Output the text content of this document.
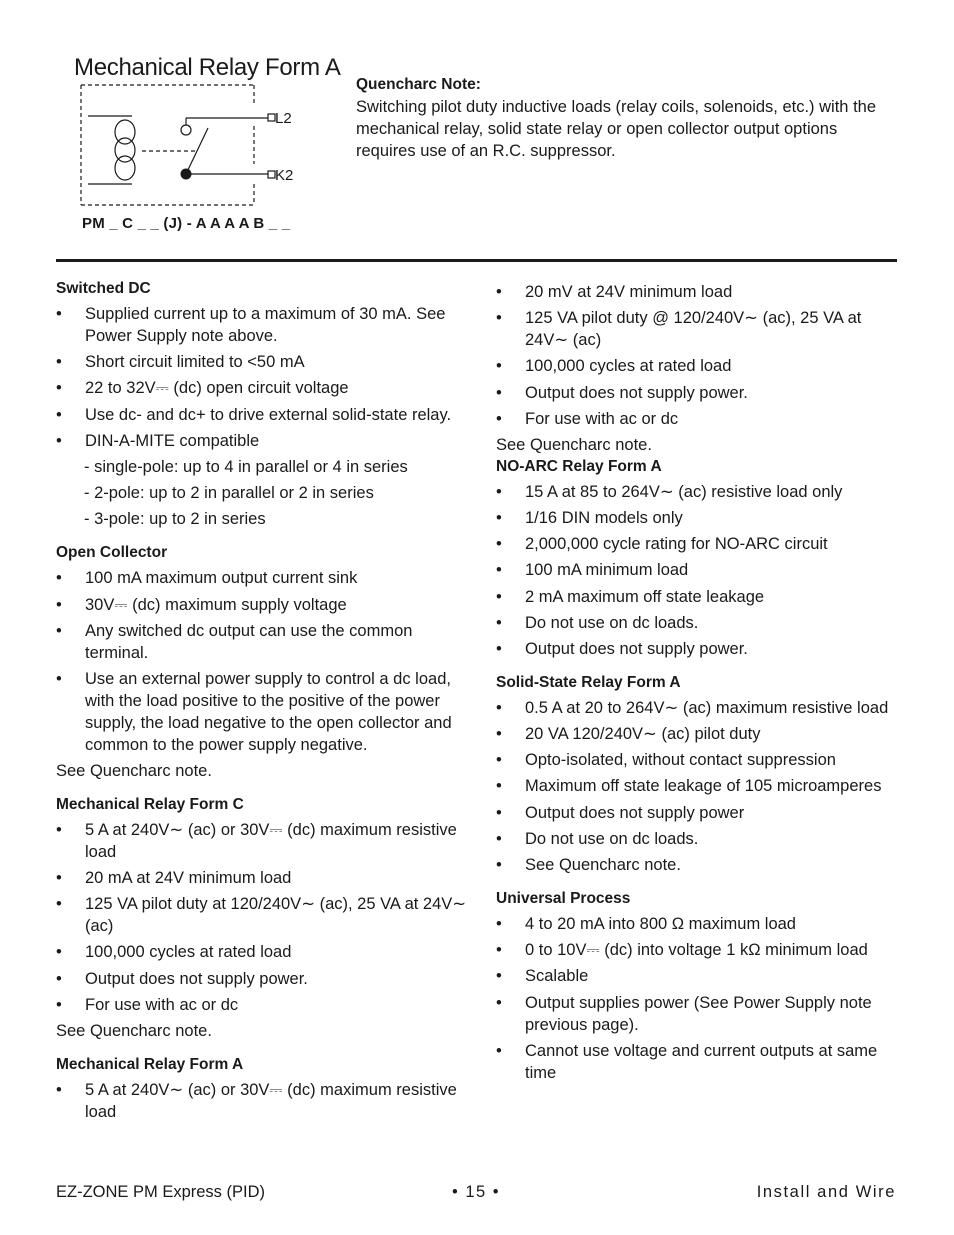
Mechanical Relay Form A
L2
K2
PM _ C _ _ (J) - A A A A B _ _
Quencharc Note:
Switching pilot duty inductive loads (relay coils, solenoids, etc.) with the mechanical relay, solid state relay or open collector output options requires use of an R.C. suppressor.
Switched DC
• Supplied current up to a maximum of 30 mA. See Power Supply note above.
• Short circuit limited to <50 mA
• 22 to 32V⎓ (dc) open circuit voltage
• Use dc- and dc+ to drive external solid-state relay.
• DIN-A-MITE compatible
- single-pole: up to 4 in parallel or 4 in series
- 2-pole: up to 2 in parallel or 2 in series
- 3-pole: up to 2 in series
Open Collector
• 100 mA maximum output current sink
• 30V⎓ (dc) maximum supply voltage
• Any switched dc output can use the common terminal.
• Use an external power supply to control a dc load, with the load positive to the positive of the power supply, the load negative to the open collector and common to the power supply negative.
See Quencharc note.
Mechanical Relay Form C
• 5 A at 240V∼ (ac) or 30V⎓ (dc) maximum resistive load
• 20 mA at 24V minimum load
• 125 VA pilot duty at 120/240V∼ (ac), 25 VA at 24V∼ (ac)
• 100,000 cycles at rated load
• Output does not supply power.
• For use with ac or dc
See Quencharc note.
Mechanical Relay Form A
• 5 A at 240V∼ (ac) or 30V⎓ (dc) maximum resistive load
• 20 mV at 24V minimum load
• 125 VA pilot duty @ 120/240V∼ (ac), 25 VA at 24V∼ (ac)
• 100,000 cycles at rated load
• Output does not supply power.
• For use with ac or dc
See Quencharc note.
NO-ARC Relay Form A
• 15 A at 85 to 264V∼ (ac) resistive load only
• 1/16 DIN models only
• 2,000,000 cycle rating for NO-ARC circuit
• 100 mA minimum load
• 2 mA maximum off state leakage
• Do not use on dc loads.
• Output does not supply power.
Solid-State Relay Form A
• 0.5 A at 20 to 264V∼ (ac) maximum resistive load
• 20 VA 120/240V∼ (ac) pilot duty
• Opto-isolated, without contact suppression
• Maximum off state leakage of 105 microamperes
• Output does not supply power
• Do not use on dc loads.
• See Quencharc note.
Universal Process
• 4 to 20 mA into 800 Ω maximum load
• 0 to 10V⎓ (dc) into voltage 1 kΩ minimum load
• Scalable
• Output supplies power (See Power Supply note previous page).
• Cannot use voltage and current outputs at same time
EZ-ZONE PM Express (PID)	• 15 •	Install and Wire
